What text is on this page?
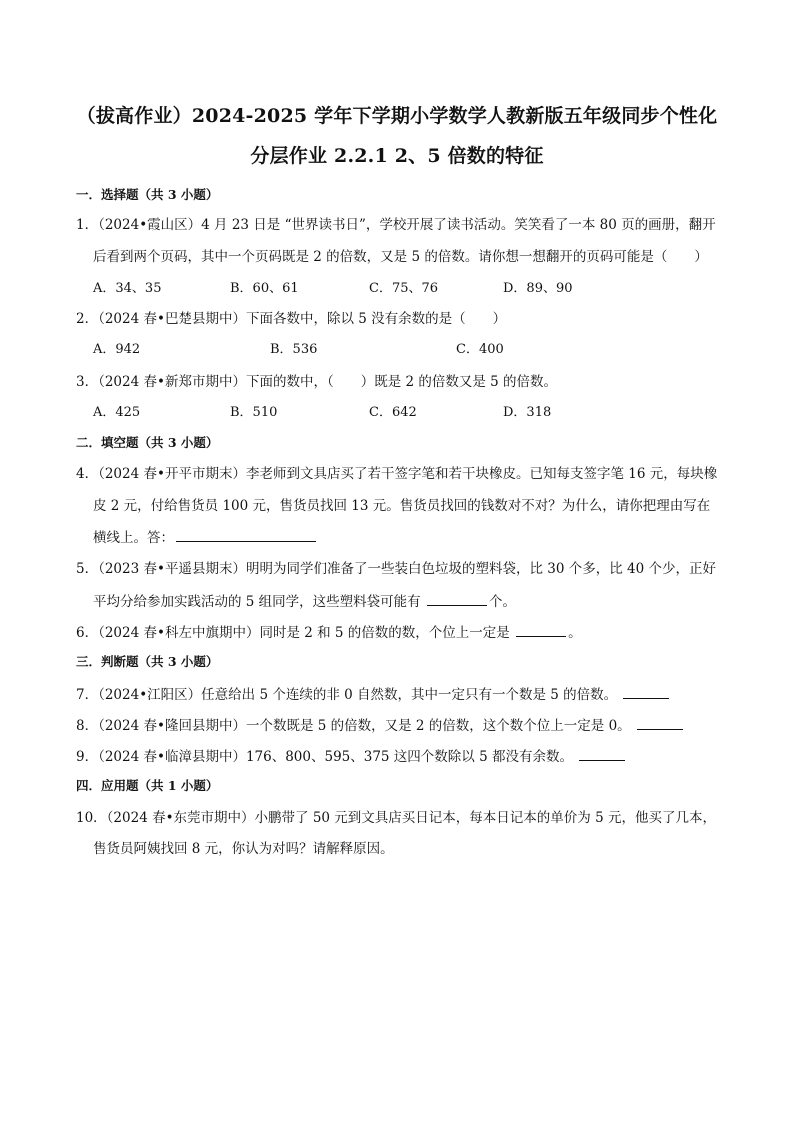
（拔高作业）2024-2025 学年下学期小学数学人教新版五年级同步个性化
分层作业 2.2.1 2、5 倍数的特征
一．选择题（共 3 小题）
1．（2024•霞山区）4 月 23 日是 “世界读书日”，学校开展了读书活动。笑笑看了一本 80 页的画册，翻开
后看到两个页码，其中一个页码既是 2 的倍数，又是 5 的倍数。请你想一想翻开的页码可能是（　　）
A．34、35	B．60、61	C．75、76	D．89、90
2．（2024 春•巴楚县期中）下面各数中，除以 5 没有余数的是（　　）
A．942	B．536	C．400
3．（2024 春•新郑市期中）下面的数中，（　　）既是 2 的倍数又是 5 的倍数。
A．425	B．510	C．642	D．318
二．填空题（共 3 小题）
4．（2024 春•开平市期末）李老师到文具店买了若干签字笔和若干块橡皮。已知每支签字笔 16 元，每块橡
皮 2 元，付给售货员 100 元，售货员找回 13 元。售货员找回的钱数对不对？为什么，请你把理由写在
横线上。答：
5．（2023 春•平遥县期末）明明为同学们准备了一些装白色垃圾的塑料袋，比 30 个多，比 40 个少，正好
平均分给参加实践活动的 5 组同学，这些塑料袋可能有	个。
6．（2024 春•科左中旗期中）同时是 2 和 5 的倍数的数，个位上一定是	。
三．判断题（共 3 小题）
7．（2024•江阳区）任意给出 5 个连续的非 0 自然数，其中一定只有一个数是 5 的倍数。
8．（2024 春•隆回县期中）一个数既是 5 的倍数，又是 2 的倍数，这个数个位上一定是 0。
9．（2024 春•临漳县期中）176、800、595、375 这四个数除以 5 都没有余数。
四．应用题（共 1 小题）
10．（2024 春•东莞市期中）小鹏带了 50 元到文具店买日记本，每本日记本的单价为 5 元，他买了几本，
售货员阿姨找回 8 元，你认为对吗？请解释原因。
